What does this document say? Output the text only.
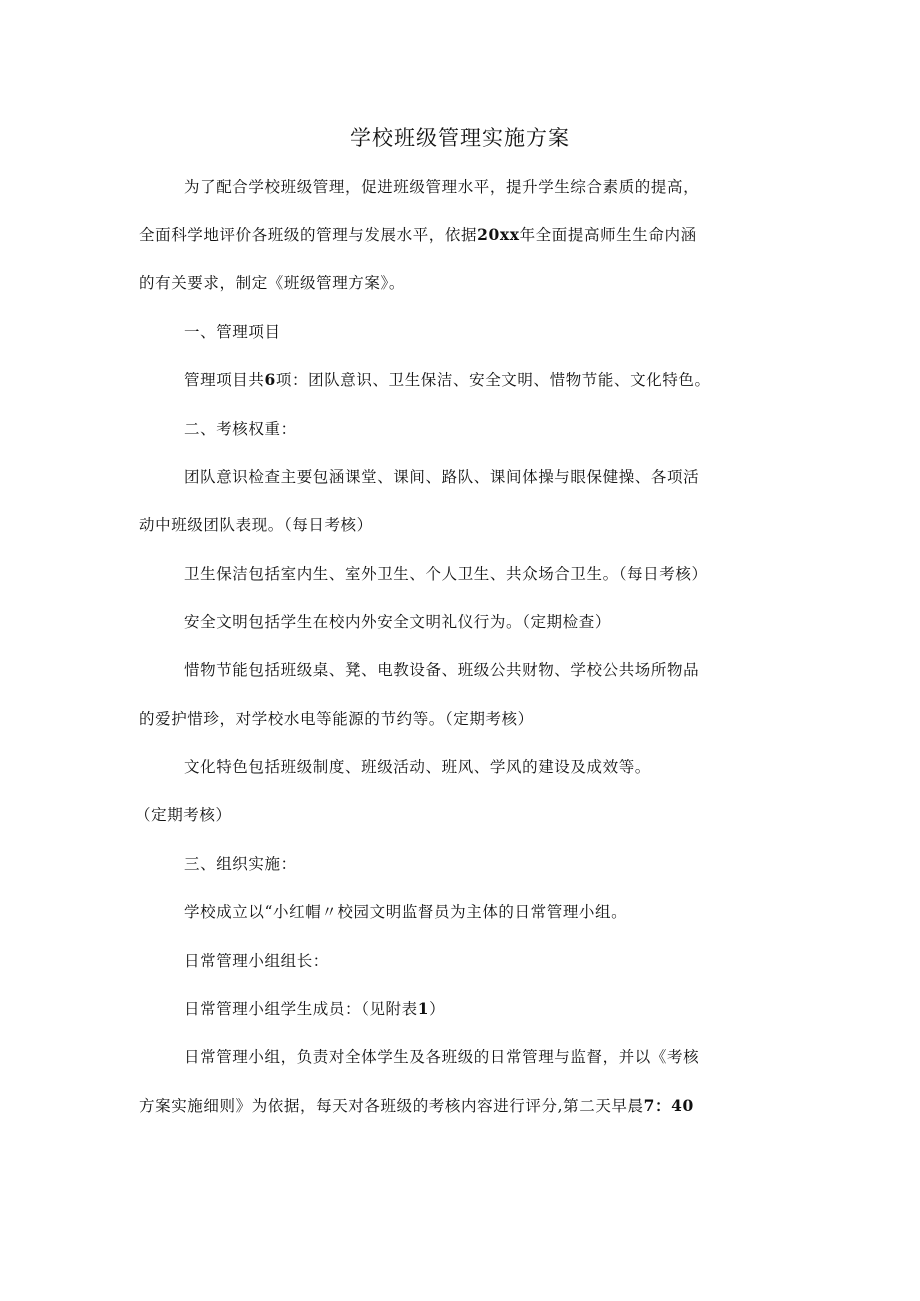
学校班级管理实施方案
为了配合学校班级管理，促进班级管理水平，提升学生综合素质的提高，
全面科学地评价各班级的管理与发展水平，依据20xx年全面提高师生生命内涵
的有关要求，制定《班级管理方案》。
一、管理项目
管理项目共6项：团队意识、卫生保洁、安全文明、惜物节能、文化特色。
二、考核权重：
团队意识检查主要包涵课堂、课间、路队、课间体操与眼保健操、各项活
动中班级团队表现。（每日考核）
卫生保洁包括室内生、室外卫生、个人卫生、共众场合卫生。（每日考核）
安全文明包括学生在校内外安全文明礼仪行为。（定期检查）
惜物节能包括班级桌、凳、电教设备、班级公共财物、学校公共场所物品
的爱护惜珍，对学校水电等能源的节约等。（定期考核）
文化特色包括班级制度、班级活动、班风、学风的建设及成效等。
（定期考核）
三、组织实施：
学校成立以“小红帽〃校园文明监督员为主体的日常管理小组。
日常管理小组组长：
日常管理小组学生成员：（见附表1）
日常管理小组，负责对全体学生及各班级的日常管理与监督，并以《考核
方案实施细则》为依据，每天对各班级的考核内容进行评分,第二天早晨7：40
